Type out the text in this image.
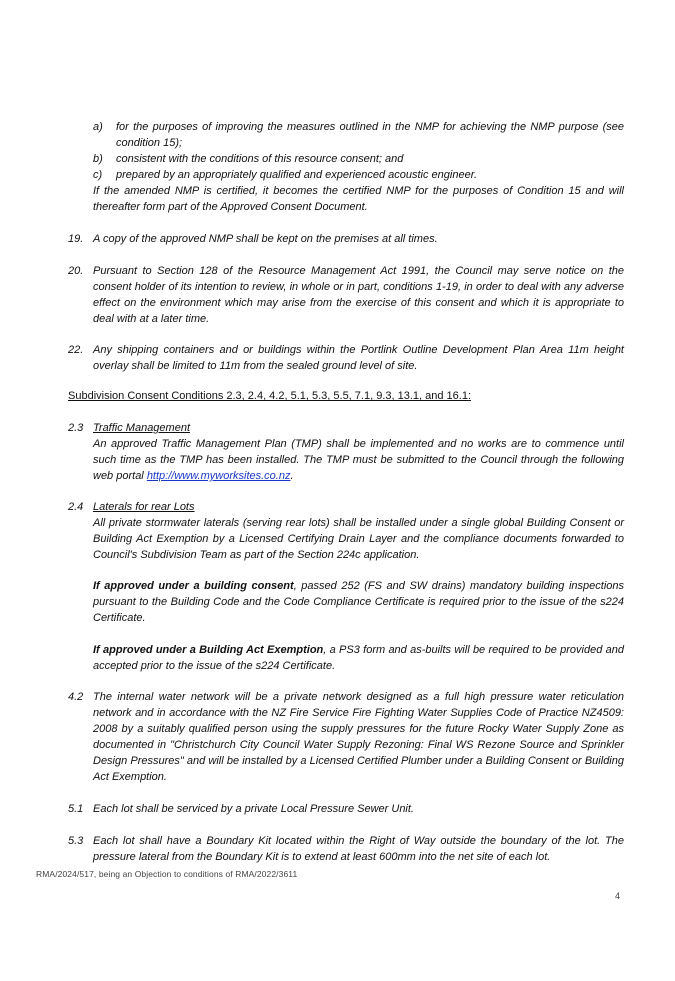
a) for the purposes of improving the measures outlined in the NMP for achieving the NMP purpose (see condition 15);
b) consistent with the conditions of this resource consent; and
c) prepared by an appropriately qualified and experienced acoustic engineer.
If the amended NMP is certified, it becomes the certified NMP for the purposes of Condition 15 and will thereafter form part of the Approved Consent Document.
19. A copy of the approved NMP shall be kept on the premises at all times.
20. Pursuant to Section 128 of the Resource Management Act 1991, the Council may serve notice on the consent holder of its intention to review, in whole or in part, conditions 1-19, in order to deal with any adverse effect on the environment which may arise from the exercise of this consent and which it is appropriate to deal with at a later time.
22. Any shipping containers and or buildings within the Portlink Outline Development Plan Area 11m height overlay shall be limited to 11m from the sealed ground level of site.
Subdivision Consent Conditions 2.3, 2.4, 4.2, 5.1, 5.3, 5.5, 7.1, 9.3, 13.1, and 16.1:
2.3 Traffic Management
An approved Traffic Management Plan (TMP) shall be implemented and no works are to commence until such time as the TMP has been installed. The TMP must be submitted to the Council through the following web portal http://www.myworksites.co.nz.
2.4 Laterals for rear Lots
All private stormwater laterals (serving rear lots) shall be installed under a single global Building Consent or Building Act Exemption by a Licensed Certifying Drain Layer and the compliance documents forwarded to Council's Subdivision Team as part of the Section 224c application.
If approved under a building consent, passed 252 (FS and SW drains) mandatory building inspections pursuant to the Building Code and the Code Compliance Certificate is required prior to the issue of the s224 Certificate.
If approved under a Building Act Exemption, a PS3 form and as-builts will be required to be provided and accepted prior to the issue of the s224 Certificate.
4.2 The internal water network will be a private network designed as a full high pressure water reticulation network and in accordance with the NZ Fire Service Fire Fighting Water Supplies Code of Practice NZ4509: 2008 by a suitably qualified person using the supply pressures for the future Rocky Water Supply Zone as documented in "Christchurch City Council Water Supply Rezoning: Final WS Rezone Source and Sprinkler Design Pressures" and will be installed by a Licensed Certified Plumber under a Building Consent or Building Act Exemption.
5.1 Each lot shall be serviced by a private Local Pressure Sewer Unit.
5.3 Each lot shall have a Boundary Kit located within the Right of Way outside the boundary of the lot. The pressure lateral from the Boundary Kit is to extend at least 600mm into the net site of each lot.
RMA/2024/517, being an Objection to conditions of RMA/2022/3611
4
